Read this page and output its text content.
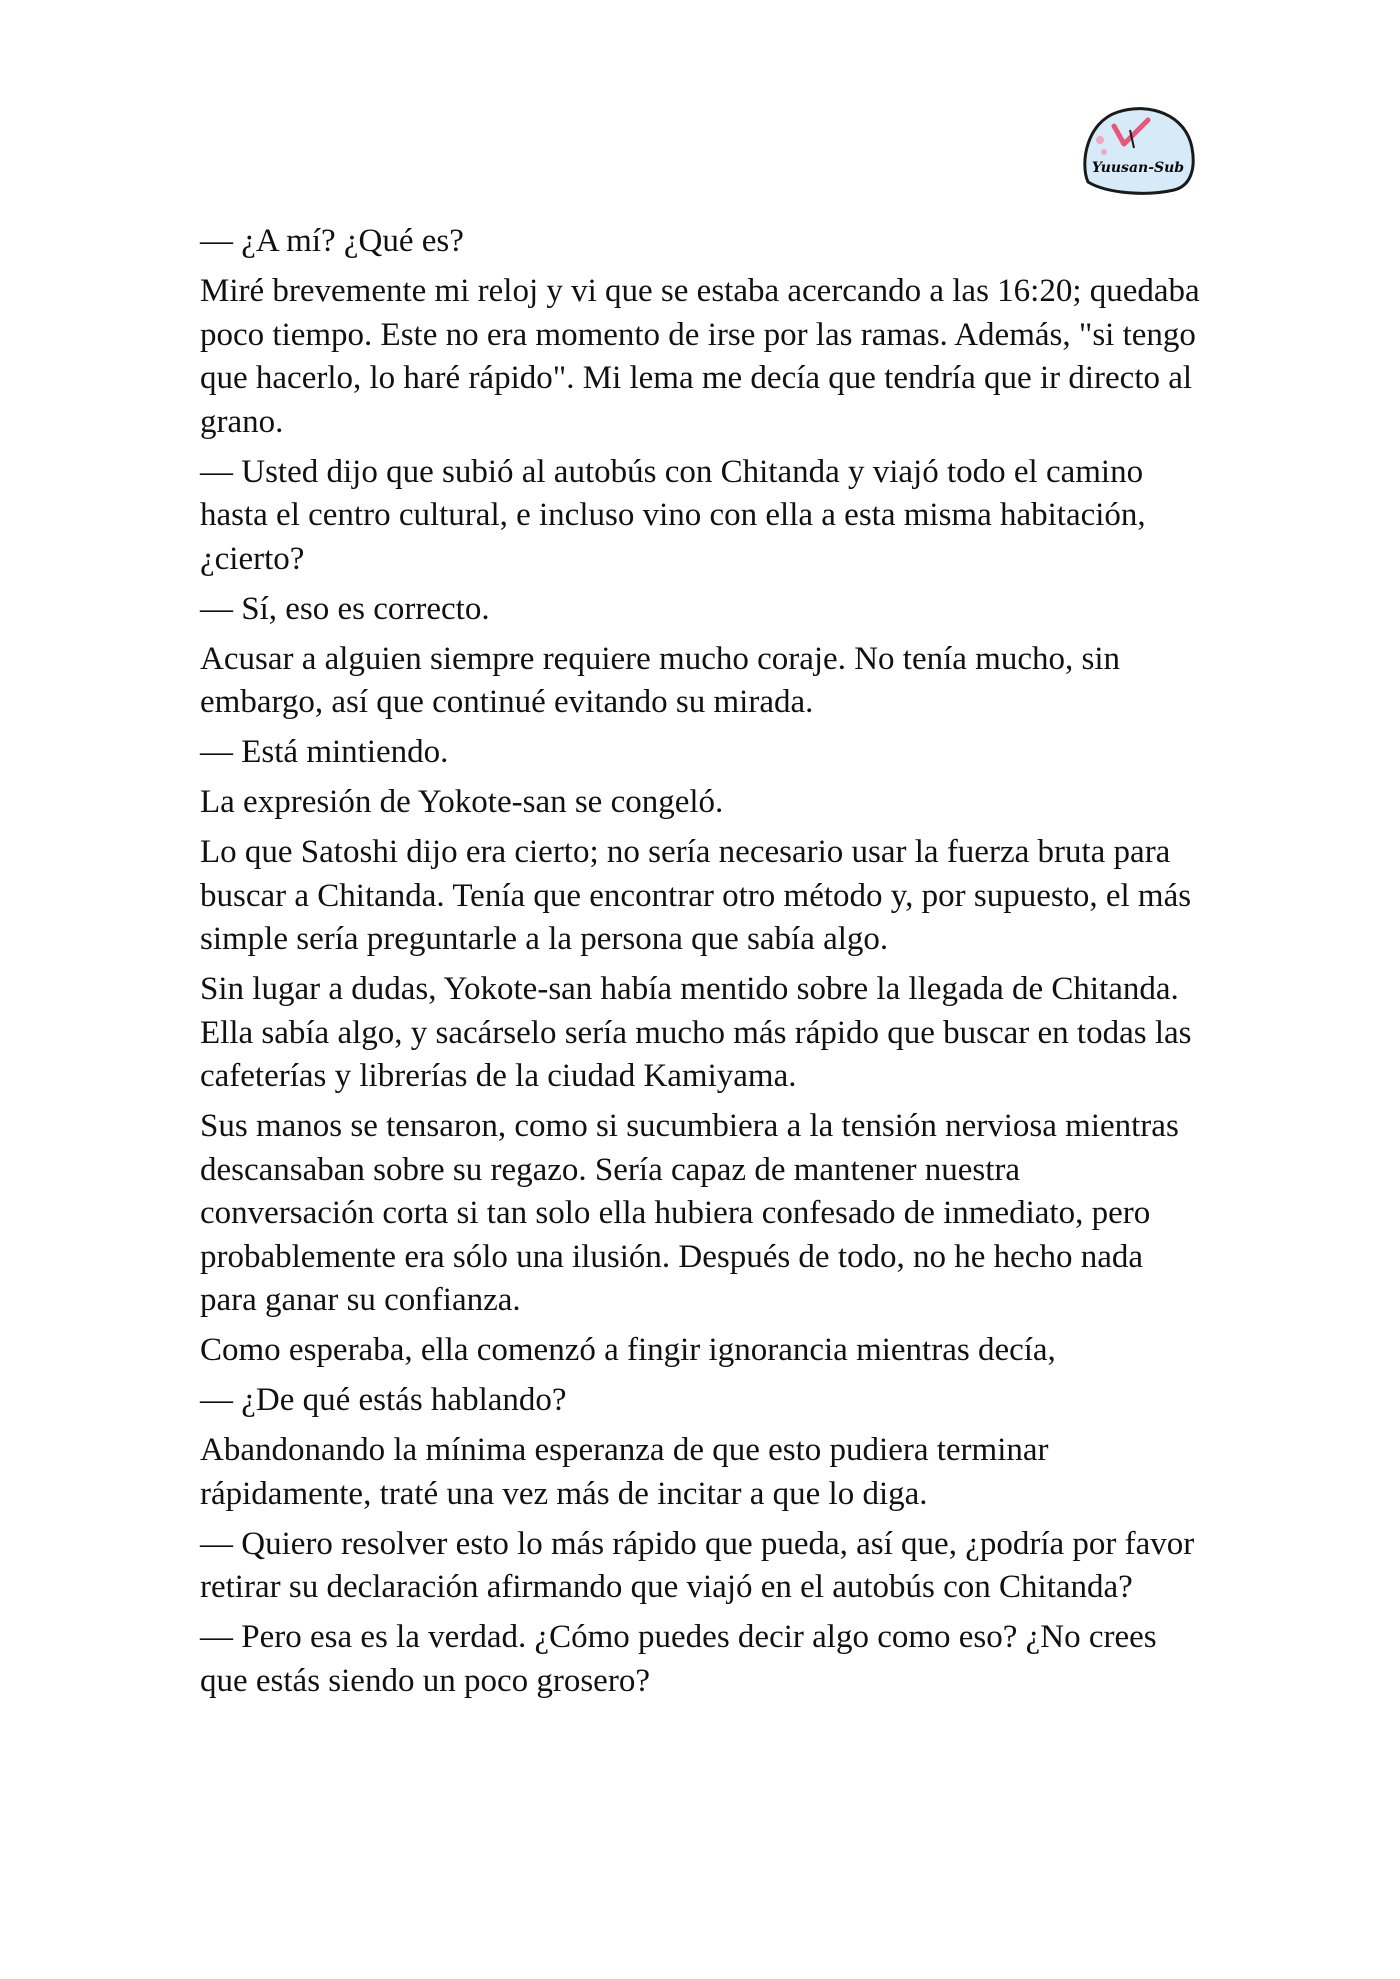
Yuusan-Sub

— ¿A mí? ¿Qué es?

Miré brevemente mi reloj y vi que se estaba acercando a las 16:20; quedaba poco tiempo. Este no era momento de irse por las ramas. Además, "si tengo que hacerlo, lo haré rápido". Mi lema me decía que tendría que ir directo al grano.

— Usted dijo que subió al autobús con Chitanda y viajó todo el camino hasta el centro cultural, e incluso vino con ella a esta misma habitación, ¿cierto?

— Sí, eso es correcto.

Acusar a alguien siempre requiere mucho coraje. No tenía mucho, sin embargo, así que continué evitando su mirada.

— Está mintiendo.

La expresión de Yokote-san se congeló.

Lo que Satoshi dijo era cierto; no sería necesario usar la fuerza bruta para buscar a Chitanda. Tenía que encontrar otro método y, por supuesto, el más simple sería preguntarle a la persona que sabía algo.

Sin lugar a dudas, Yokote-san había mentido sobre la llegada de Chitanda. Ella sabía algo, y sacárselo sería mucho más rápido que buscar en todas las cafeterías y librerías de la ciudad Kamiyama.

Sus manos se tensaron, como si sucumbiera a la tensión nerviosa mientras descansaban sobre su regazo. Sería capaz de mantener nuestra conversación corta si tan solo ella hubiera confesado de inmediato, pero probablemente era sólo una ilusión. Después de todo, no he hecho nada para ganar su confianza.

Como esperaba, ella comenzó a fingir ignorancia mientras decía,

— ¿De qué estás hablando?

Abandonando la mínima esperanza de que esto pudiera terminar rápidamente, traté una vez más de incitar a que lo diga.

— Quiero resolver esto lo más rápido que pueda, así que, ¿podría por favor retirar su declaración afirmando que viajó en el autobús con Chitanda?

— Pero esa es la verdad. ¿Cómo puedes decir algo como eso? ¿No crees que estás siendo un poco grosero?
